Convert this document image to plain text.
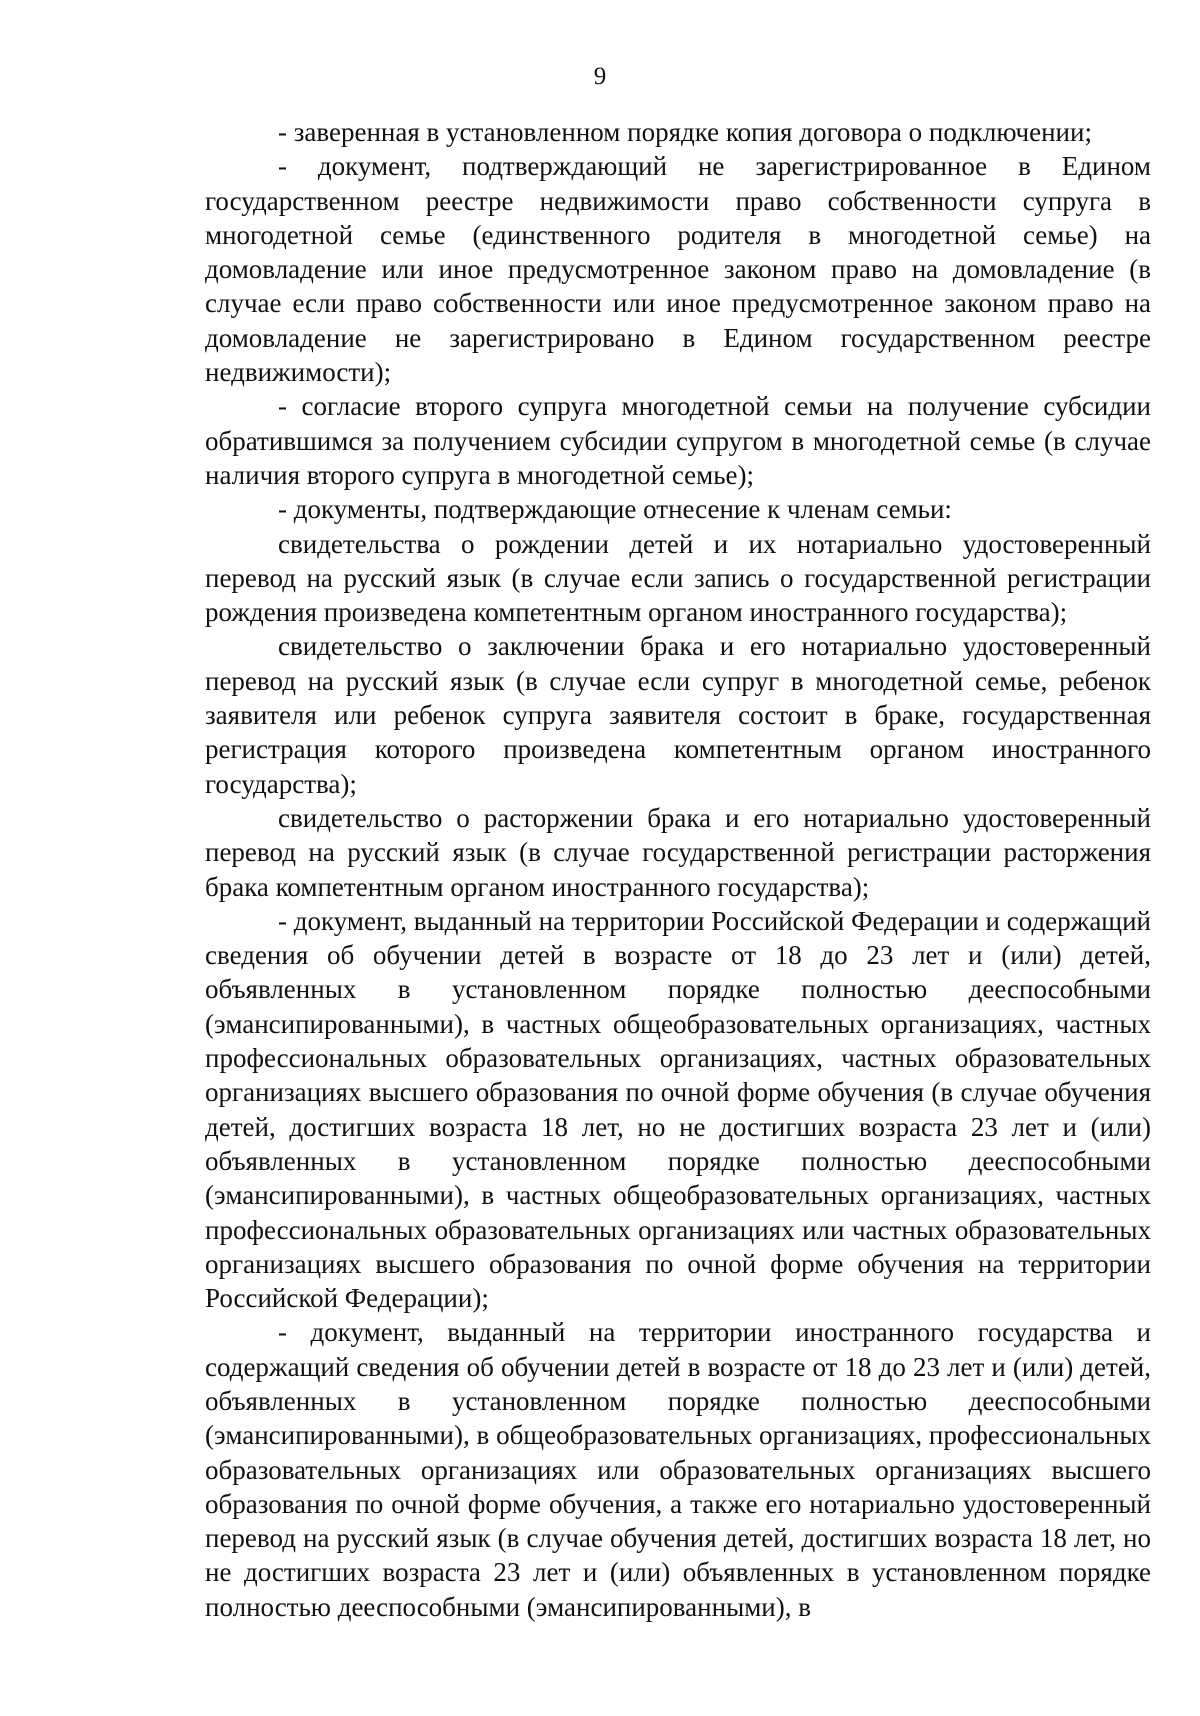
9

- заверенная в установленном порядке копия договора о подключении;

- документ, подтверждающий не зарегистрированное в Едином государственном реестре недвижимости право собственности супруга в многодетной семье (единственного родителя в многодетной семье) на домовладение или иное предусмотренное законом право на домовладение (в случае если право собственности или иное предусмотренное законом право на домовладение не зарегистрировано в Едином государственном реестре недвижимости);

- согласие второго супруга многодетной семьи на получение субсидии обратившимся за получением субсидии супругом в многодетной семье (в случае наличия второго супруга в многодетной семье);

- документы, подтверждающие отнесение к членам семьи:

свидетельства о рождении детей и их нотариально удостоверенный перевод на русский язык (в случае если запись о государственной регистрации рождения произведена компетентным органом иностранного государства);

свидетельство о заключении брака и его нотариально удостоверенный перевод на русский язык (в случае если супруг в многодетной семье, ребенок заявителя или ребенок супруга заявителя состоит в браке, государственная регистрация которого произведена компетентным органом иностранного государства);

свидетельство о расторжении брака и его нотариально удостоверенный перевод на русский язык (в случае государственной регистрации расторжения брака компетентным органом иностранного государства);

- документ, выданный на территории Российской Федерации и содержащий сведения об обучении детей в возрасте от 18 до 23 лет и (или) детей, объявленных в установленном порядке полностью дееспособными (эмансипированными), в частных общеобразовательных организациях, частных профессиональных образовательных организациях, частных образовательных организациях высшего образования по очной форме обучения (в случае обучения детей, достигших возраста 18 лет, но не достигших возраста 23 лет и (или) объявленных в установленном порядке полностью дееспособными (эмансипированными), в частных общеобразовательных организациях, частных профессиональных образовательных организациях или частных образовательных организациях высшего образования по очной форме обучения на территории Российской Федерации);

- документ, выданный на территории иностранного государства и содержащий сведения об обучении детей в возрасте от 18 до 23 лет и (или) детей, объявленных в установленном порядке полностью дееспособными (эмансипированными), в общеобразовательных организациях, профессиональных образовательных организациях или образовательных организациях высшего образования по очной форме обучения, а также его нотариально удостоверенный перевод на русский язык (в случае обучения детей, достигших возраста 18 лет, но не достигших возраста 23 лет и (или) объявленных в установленном порядке полностью дееспособными (эмансипированными), в
